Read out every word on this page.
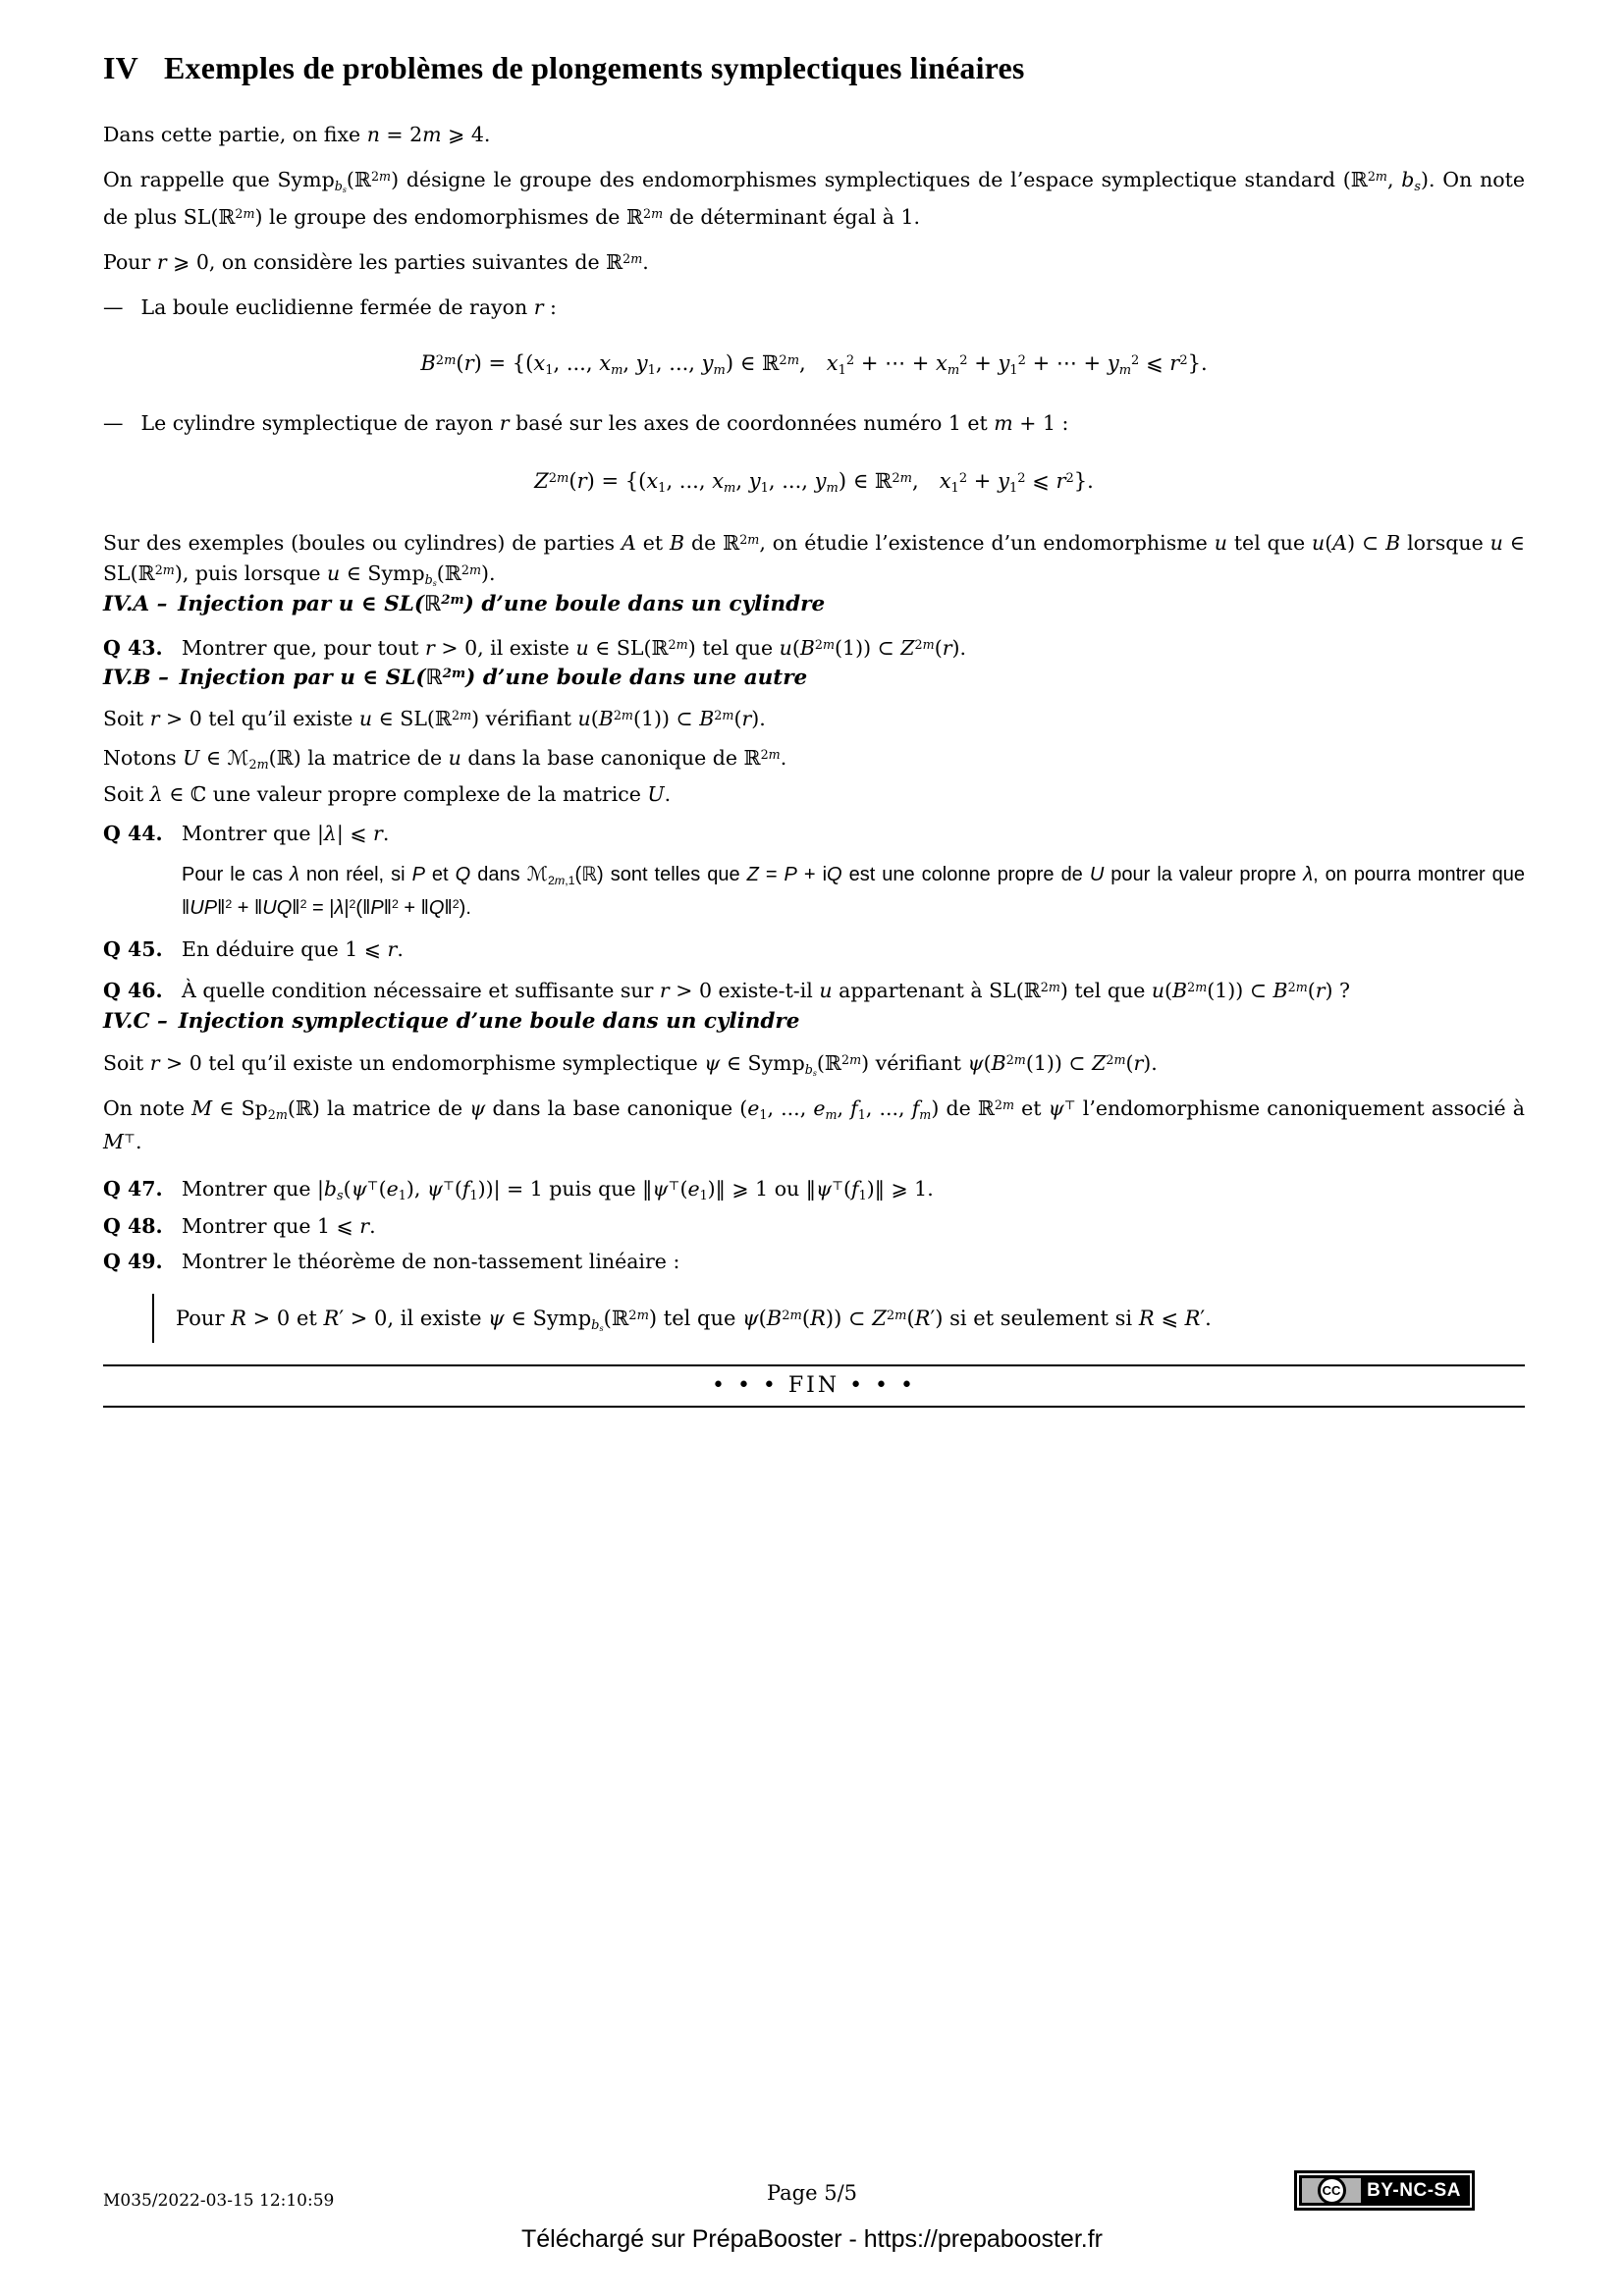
IV Exemples de problèmes de plongements symplectiques linéaires

Dans cette partie, on fixe n = 2m ⩾ 4.

On rappelle que Symp$_{b_s}$(ℝ$^{2m}$) désigne le groupe des endomorphismes symplectiques de l’espace symplectique standard (ℝ$^{2m}$, $b_s$). On note de plus SL(ℝ$^{2m}$) le groupe des endomorphismes de ℝ$^{2m}$ de déterminant égal à 1.

Pour r ⩾ 0, on considère les parties suivantes de ℝ$^{2m}$.

— La boule euclidienne fermée de rayon r :

$B^{2m}(r) = \{(x_1$, ..., $x_m$, $y_1$, ..., $y_m$) ∈ ℝ$^{2m}$,  $x_1^2$ + ⋯ + $x_m^2 + y_1^2$ + ⋯ + $y_m^2$ ⩽ $r^2$}.

— Le cylindre symplectique de rayon r basé sur les axes de coordonnées numéro 1 et m + 1 :

$Z^{2m}(r) = \{(x_1$, ..., $x_m$, $y_1$, ..., $y_m$) ∈ ℝ$^{2m}$,  $x_1^2 + y_1^2$ ⩽ $r^2$}.

Sur des exemples (boules ou cylindres) de parties A et B de ℝ$^{2m}$, on étudie l’existence d’un endomorphisme u tel que u(A) ⊂ B lorsque u ∈ SL(ℝ$^{2m}$), puis lorsque u ∈ Symp$_{b_s}$(ℝ$^{2m}$).

IV.A – Injection par u ∈ SL(ℝ$^{2m}$) d’une boule dans un cylindre

Q 43. Montrer que, pour tout r > 0, il existe u ∈ SL(ℝ$^{2m}$) tel que $u(B^{2m}(1))$ ⊂ $Z^{2m}(r)$.

IV.B – Injection par u ∈ SL(ℝ$^{2m}$) d’une boule dans une autre

Soit r > 0 tel qu’il existe u ∈ SL(ℝ$^{2m}$) vérifiant $u(B^{2m}(1))$ ⊂ $B^{2m}(r)$.

Notons U ∈ ℳ$_{2m}$(ℝ) la matrice de u dans la base canonique de ℝ$^{2m}$.

Soit λ ∈ ℂ une valeur propre complexe de la matrice U.

Q 44. Montrer que |λ| ⩽ r.

Pour le cas λ non réel, si P et Q dans ℳ$_{2m,1}$(ℝ) sont telles que Z = P + iQ est une colonne propre de U pour la valeur propre λ, on pourra montrer que ‖UP‖$^2$ + ‖UQ‖$^2$ = $|\lambda|^2(‖P‖^2$ + ‖Q‖$^2$).

Q 45. En déduire que 1 ⩽ r.

Q 46. À quelle condition nécessaire et suffisante sur r > 0 existe-t-il u appartenant à SL(ℝ$^{2m}$) tel que $u(B^{2m}(1))$ ⊂ $B^{2m}(r)$ ?

IV.C – Injection symplectique d’une boule dans un cylindre

Soit r > 0 tel qu’il existe un endomorphisme symplectique ψ ∈ Symp$_{b_s}$(ℝ$^{2m}$) vérifiant $\psi(B^{2m}(1))$ ⊂ $Z^{2m}(r)$.

On note M ∈ $Sp_{2m}(ℝ)$ la matrice de ψ dans la base canonique ($e_1$, ..., $e_m$, $f_1$, ..., $f_m$) de ℝ$^{2m}$ et ψ⊤ l’endomorphisme canoniquement associé à M⊤.

Q 47. Montrer que $|b_s(\psi^⊤(e_1)$, $\psi^⊤(f_1))| = 1$ puis que $‖\psi^⊤(e_1)‖$ ⩾ 1 ou $‖\psi^⊤(f_1)‖$ ⩾ 1.

Q 48. Montrer que 1 ⩽ r.

Q 49. Montrer le théorème de non-tassement linéaire :

Pour R > 0 et R′ > 0, il existe ψ ∈ Symp$_{b_s}$(ℝ$^{2m}$) tel que $\psi(B^{2m}(R))$ ⊂ $Z^{2m}(R')$ si et seulement si R ⩽ R′.
• • • FIN • • •
M035/2022-03-15 12:10:59	Page 5/5	CC	BY-NC-SA
Téléchargé sur PrépaBooster - https://prepabooster.fr
